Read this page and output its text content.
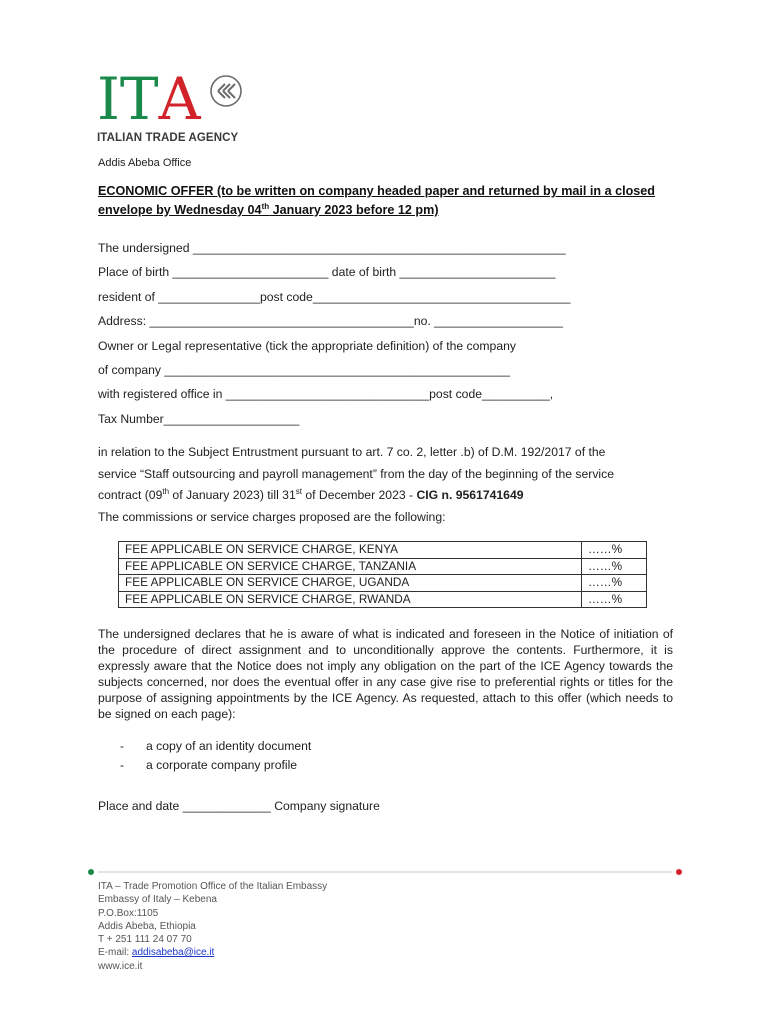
I T A
ITALIAN TRADE AGENCY
Addis Abeba Office
ECONOMIC OFFER (to be written on company headed paper and returned by mail in a closed envelope by Wednesday 04th January 2023 before 12 pm)
The undersigned _______________________________________________________
Place of birth _______________________ date of birth _______________________
resident of _______________post code______________________________________
Address: _______________________________________no. ___________________
Owner or Legal representative (tick the appropriate definition) of the company
of company ___________________________________________________
with registered office in ______________________________post code__________,
Tax Number____________________
in relation to the Subject Entrustment pursuant to art. 7 co. 2, letter .b) of D.M. 192/2017 of the
service “Staff outsourcing and payroll management” from the day of the beginning of the service
contract (09th of January 2023) till 31st of December 2023 - CIG n. 9561741649
The commissions or service charges proposed are the following:
FEE APPLICABLE ON SERVICE CHARGE, KENYA	……%
FEE APPLICABLE ON SERVICE CHARGE, TANZANIA	……%
FEE APPLICABLE ON SERVICE CHARGE, UGANDA	……%
FEE APPLICABLE ON SERVICE CHARGE, RWANDA	……%
The undersigned declares that he is aware of what is indicated and foreseen in the Notice of initiation of the procedure of direct assignment and to unconditionally approve the contents. Furthermore, it is expressly aware that the Notice does not imply any obligation on the part of the ICE Agency towards the subjects concerned, nor does the eventual offer in any case give rise to preferential rights or titles for the purpose of assigning appointments by the ICE Agency. As requested, attach to this offer (which needs to be signed on each page):
-	a copy of an identity document
-	a corporate company profile
Place and date _____________ Company signature
ITA – Trade Promotion Office of the Italian Embassy
Embassy of Italy – Kebena
P.O.Box:1105
Addis Abeba, Ethiopia
T + 251 111 24 07 70
E-mail: addisabeba@ice.it
www.ice.it
